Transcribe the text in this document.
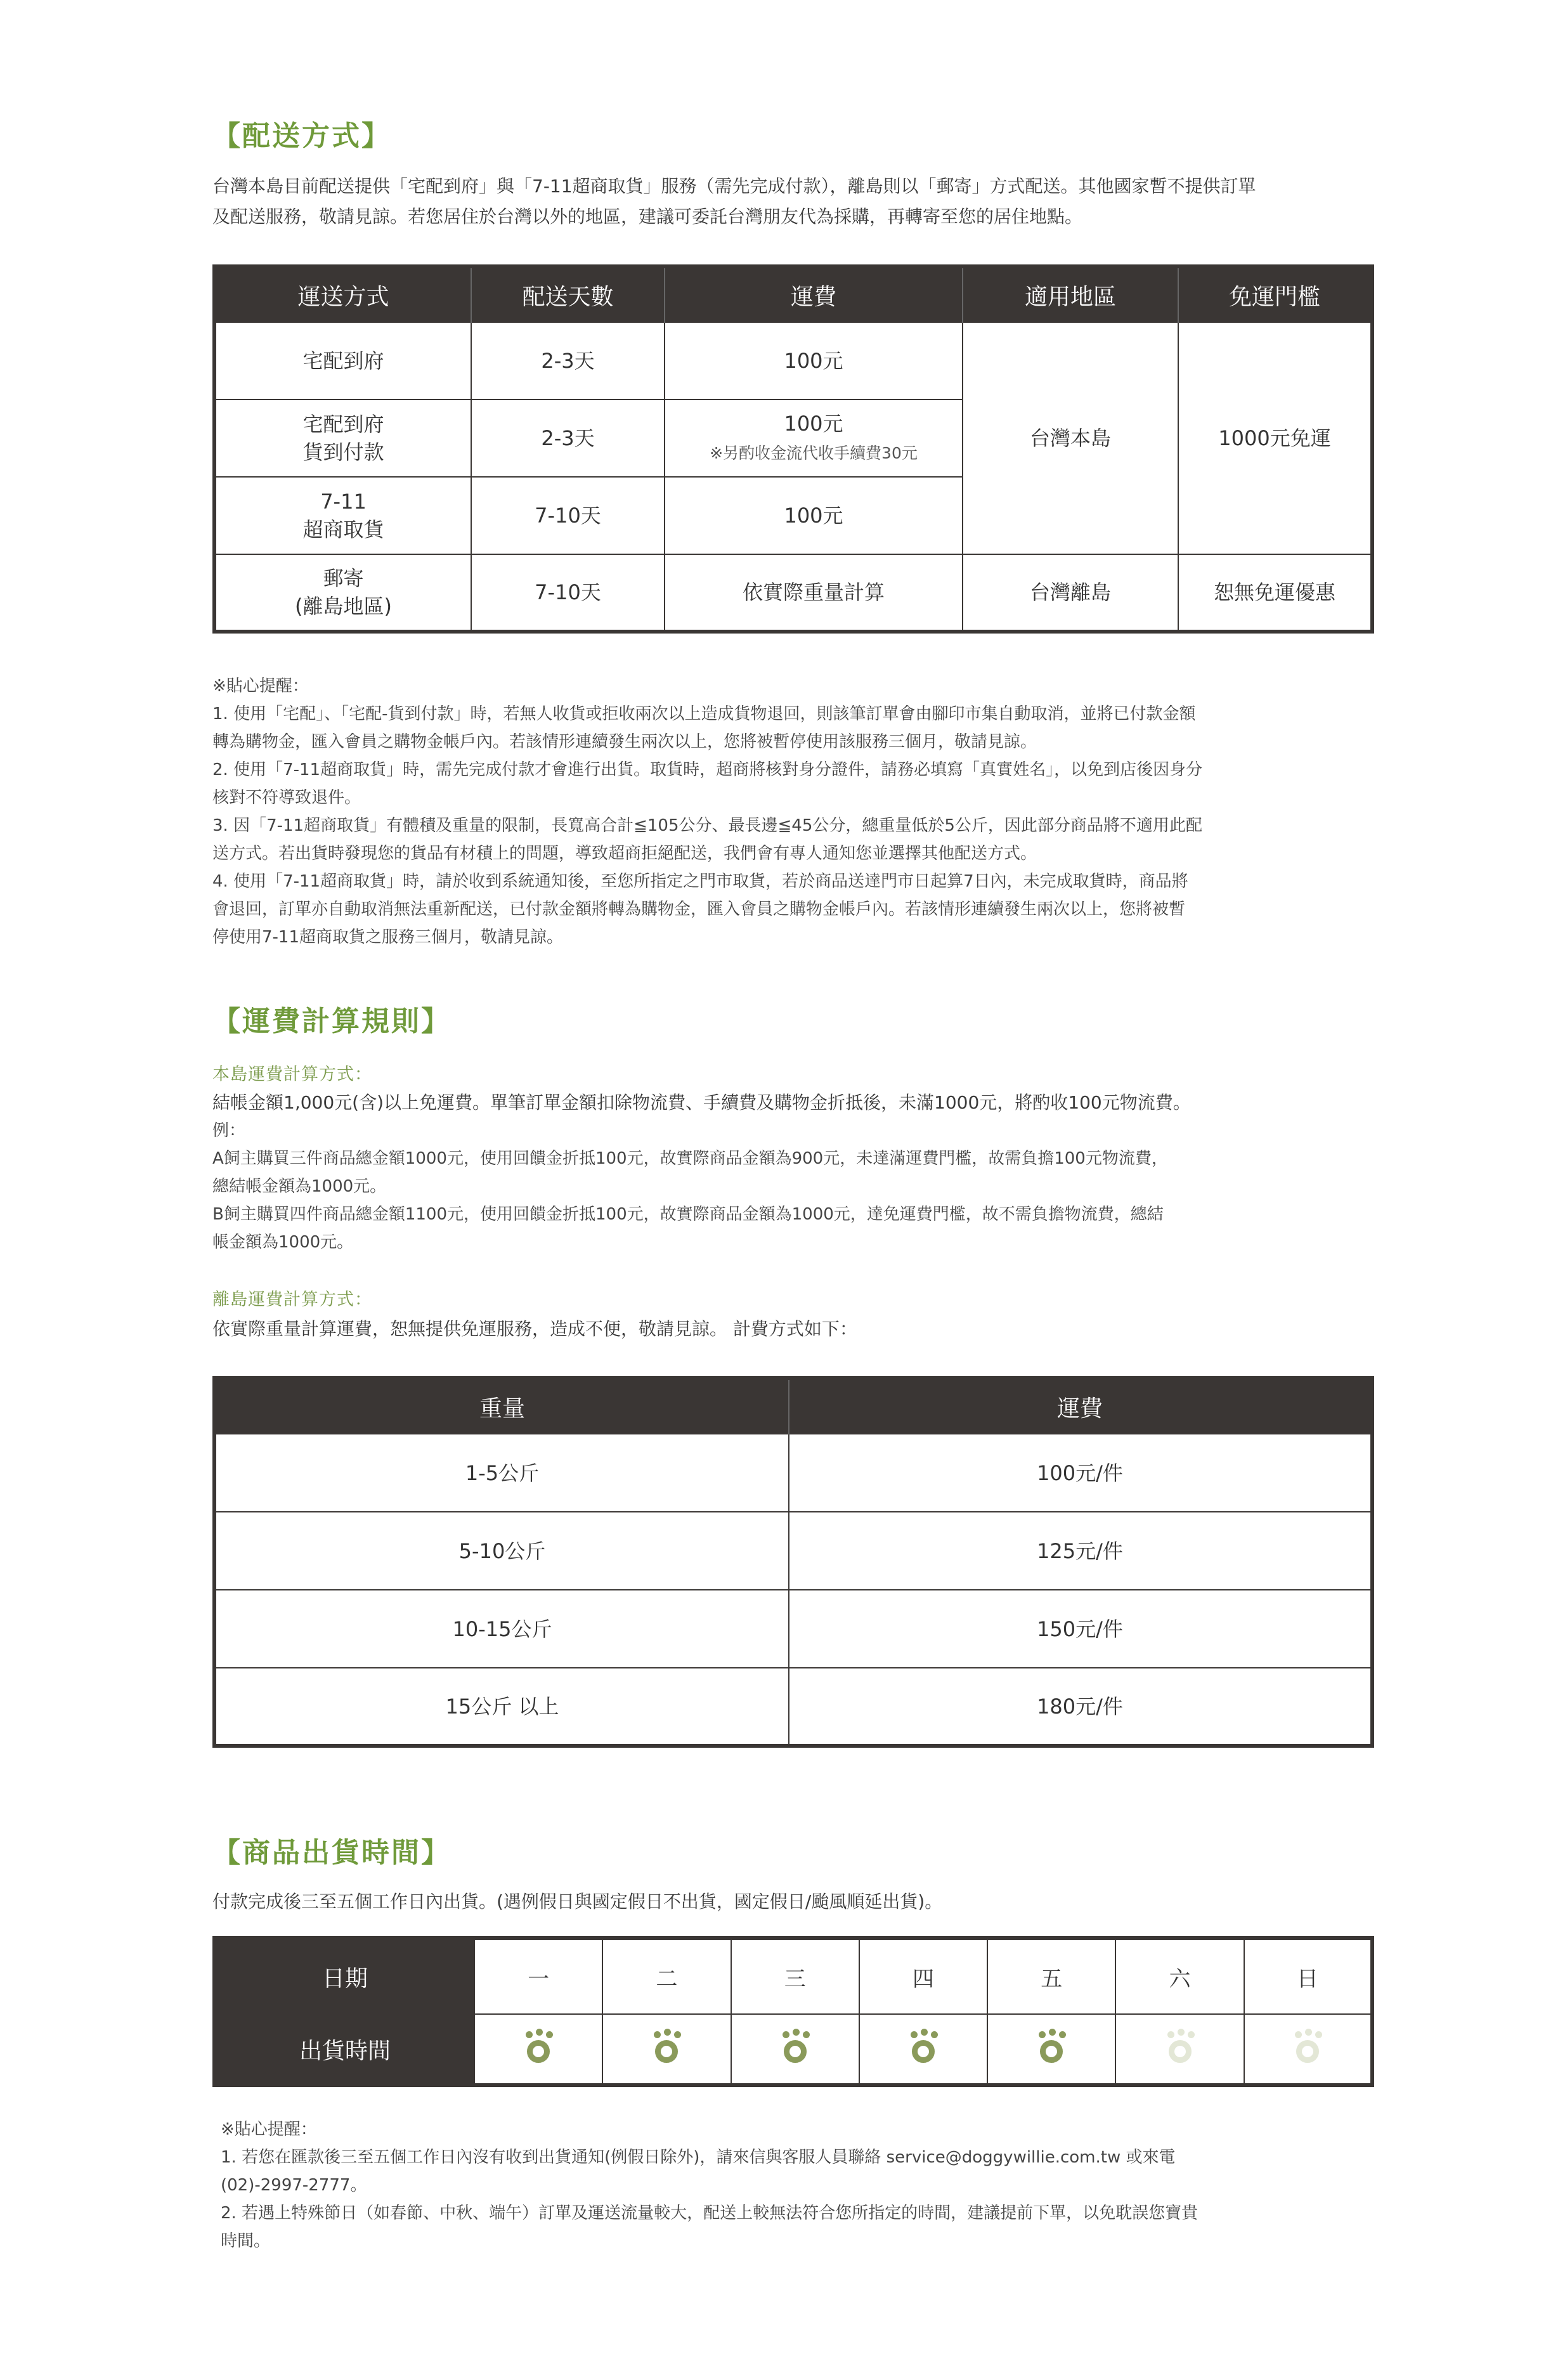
【配送方式】

台灣本島目前配送提供「宅配到府」與「7-11超商取貨」服務（需先完成付款），離島則以「郵寄」方式配送。其他國家暫不提供訂單
及配送服務，敬請見諒。若您居住於台灣以外的地區，建議可委託台灣朋友代為採購，再轉寄至您的居住地點。

運送方式	配送天數	運費	適用地區	免運門檻
宅配到府	2-3天	100元	台灣本島	1000元免運
宅配到府
貨到付款	2-3天	100元
※另酌收金流代收手續費30元		
7-11
超商取貨	7-10天	100元		
郵寄
(離島地區)	7-10天	依實際重量計算	台灣離島	恕無免運優惠

※貼心提醒：

1. 使用「宅配」、「宅配-貨到付款」時，若無人收貨或拒收兩次以上造成貨物退回，則該筆訂單會由腳印市集自動取消，並將已付款金額

轉為購物金，匯入會員之購物金帳戶內。若該情形連續發生兩次以上，您將被暫停使用該服務三個月，敬請見諒。

2. 使用「7-11超商取貨」時，需先完成付款才會進行出貨。取貨時，超商將核對身分證件，請務必填寫「真實姓名」，以免到店後因身分

核對不符導致退件。

3. 因「7-11超商取貨」有體積及重量的限制，長寬高合計≦105公分、最長邊≦45公分，總重量低於5公斤，因此部分商品將不適用此配

送方式。若出貨時發現您的貨品有材積上的問題，導致超商拒絕配送，我們會有專人通知您並選擇其他配送方式。

4. 使用「7-11超商取貨」時，請於收到系統通知後，至您所指定之門市取貨，若於商品送達門市日起算7日內，未完成取貨時，商品將

會退回，訂單亦自動取消無法重新配送，已付款金額將轉為購物金，匯入會員之購物金帳戶內。若該情形連續發生兩次以上，您將被暫

停使用7-11超商取貨之服務三個月，敬請見諒。

【運費計算規則】

本島運費計算方式：

結帳金額1,000元(含)以上免運費。單筆訂單金額扣除物流費、手續費及購物金折抵後，未滿1000元，將酌收100元物流費。

例：

A飼主購買三件商品總金額1000元，使用回饋金折抵100元，故實際商品金額為900元，未達滿運費門檻，故需負擔100元物流費，

總結帳金額為1000元。

B飼主購買四件商品總金額1100元，使用回饋金折抵100元，故實際商品金額為1000元，達免運費門檻，故不需負擔物流費，總結

帳金額為1000元。

離島運費計算方式：

依實際重量計算運費，恕無提供免運服務，造成不便，敬請見諒。 計費方式如下：

重量	運費
1-5公斤	100元/件
5-10公斤	125元/件
10-15公斤	150元/件
15公斤 以上	180元/件
【商品出貨時間】

付款完成後三至五個工作日內出貨。(遇例假日與國定假日不出貨，國定假日/颱風順延出貨)。

日期	一	二	三	四	五	六	日
出貨時間	

※貼心提醒：

1. 若您在匯款後三至五個工作日內沒有收到出貨通知(例假日除外)，請來信與客服人員聯絡 service@doggywillie.com.tw 或來電

(02)-2997-2777。

2. 若遇上特殊節日（如春節、中秋、端午）訂單及運送流量較大，配送上較無法符合您所指定的時間，建議提前下單，以免耽誤您寶貴

時間。
